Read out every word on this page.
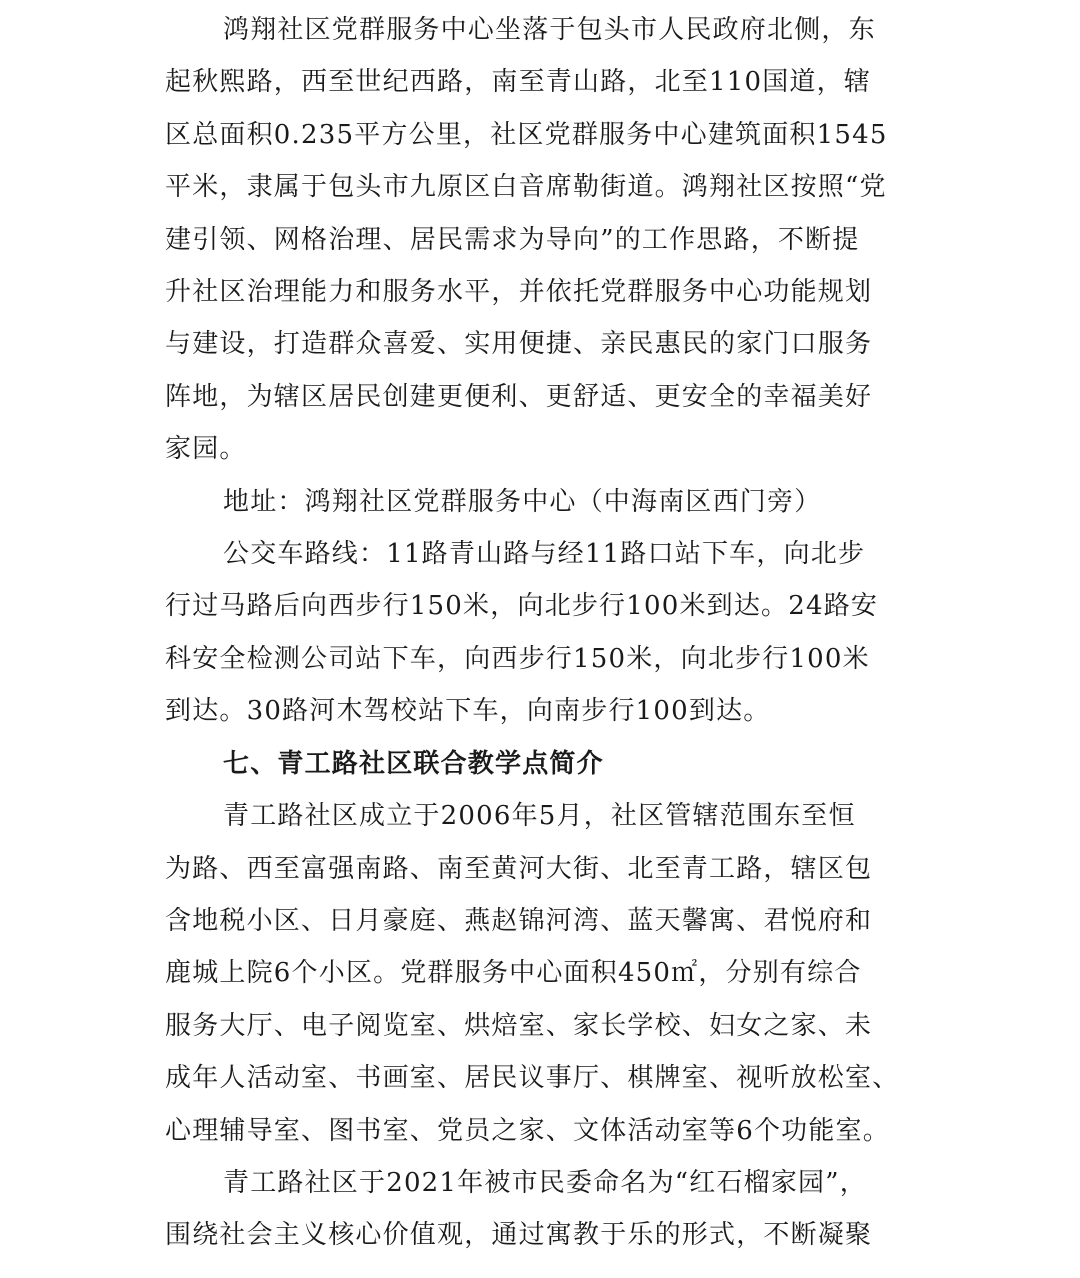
鸿翔社区党群服务中心坐落于包头市人民政府北侧，东
起秋熙路，西至世纪西路，南至青山路，北至110国道，辖
区总面积0.235平方公里，社区党群服务中心建筑面积1545
平米，隶属于包头市九原区白音席勒街道。鸿翔社区按照“党
建引领、网格治理、居民需求为导向”的工作思路，不断提
升社区治理能力和服务水平，并依托党群服务中心功能规划
与建设，打造群众喜爱、实用便捷、亲民惠民的家门口服务
阵地，为辖区居民创建更便利、更舒适、更安全的幸福美好
家园。
地址：鸿翔社区党群服务中心（中海南区西门旁）
公交车路线：11路青山路与经11路口站下车，向北步
行过马路后向西步行150米，向北步行100米到达。24路安
科安全检测公司站下车，向西步行150米，向北步行100米
到达。30路河木驾校站下车，向南步行100到达。
七、青工路社区联合教学点简介
青工路社区成立于2006年5月，社区管辖范围东至恒
为路、西至富强南路、南至黄河大街、北至青工路，辖区包
含地税小区、日月豪庭、燕赵锦河湾、蓝天馨寓、君悦府和
鹿城上院6个小区。党群服务中心面积450㎡，分别有综合
服务大厅、电子阅览室、烘焙室、家长学校、妇女之家、未
成年人活动室、书画室、居民议事厅、棋牌室、视听放松室、
心理辅导室、图书室、党员之家、文体活动室等6个功能室。
青工路社区于2021年被市民委命名为“红石榴家园”，
围绕社会主义核心价值观，通过寓教于乐的形式，不断凝聚
